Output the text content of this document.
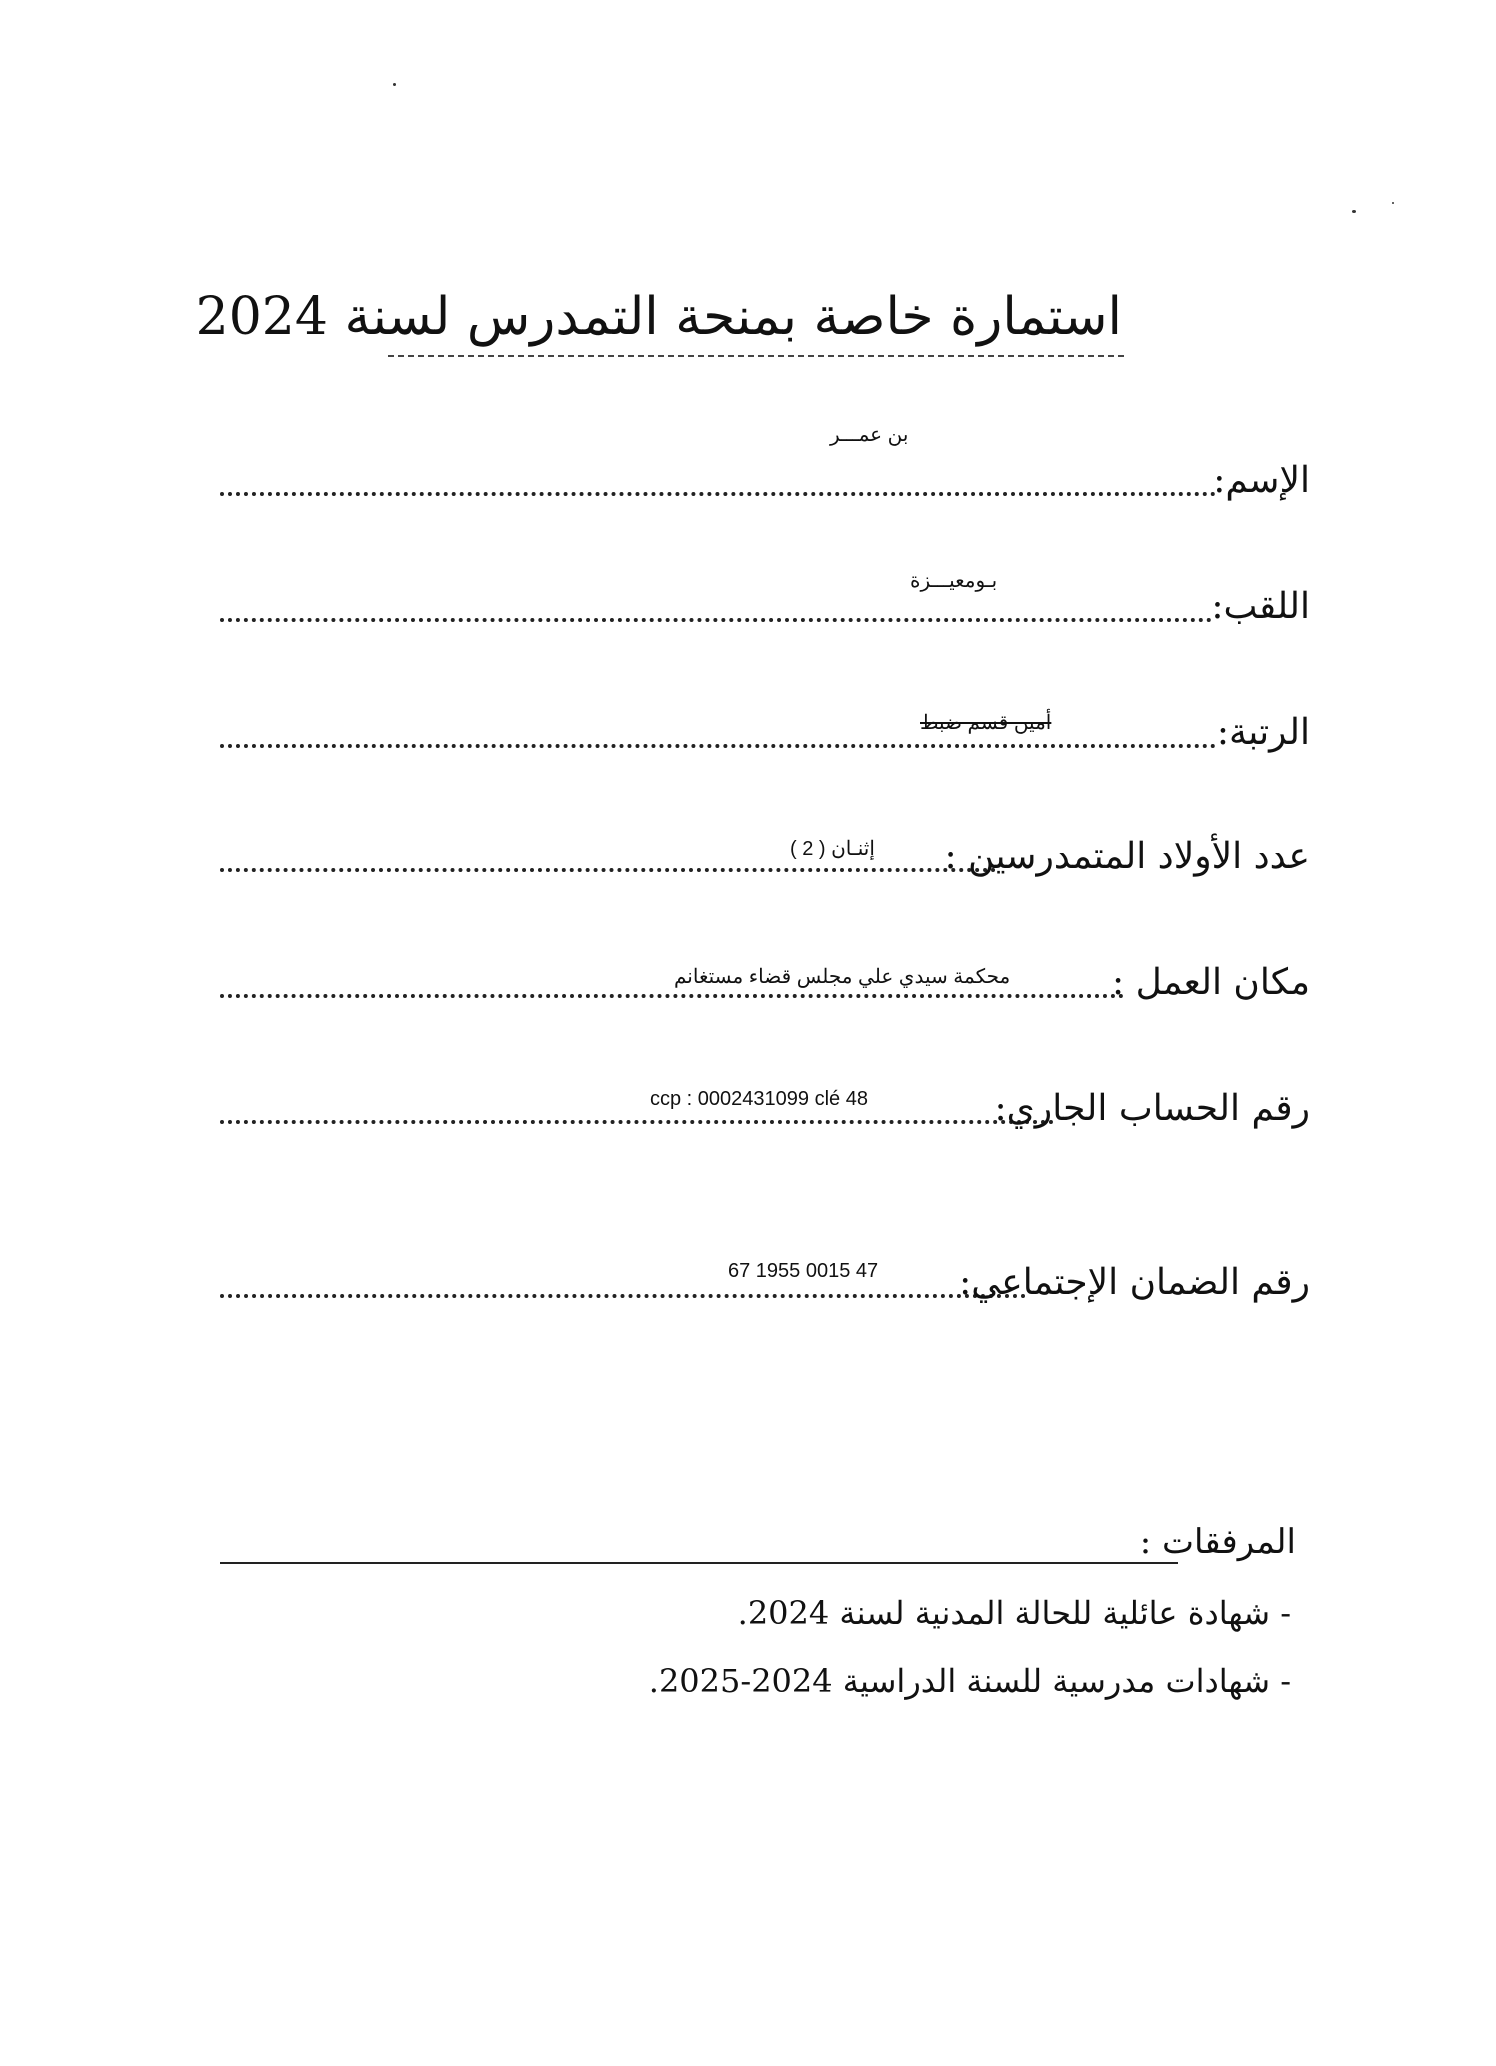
استمارة خاصة بمنحة التمدرس لسنة 2024
الإسم:
بن عمـــر
اللقب:
بـومعيـــزة
الرتبة:
أمين قسم ضبط
عدد الأولاد المتمدرسين :
إثنـان ( 2 )
مكان العمل :
محكمة سيدي علي مجلس قضاء مستغانم
رقم الحساب الجاري:
ccp : 0002431099 clé 48
رقم الضمان الإجتماعي:
67 1955 0015 47
المرفقات :
- شهادة عائلية للحالة المدنية لسنة 2024.
- شهادات مدرسية للسنة الدراسية 2024-2025.
